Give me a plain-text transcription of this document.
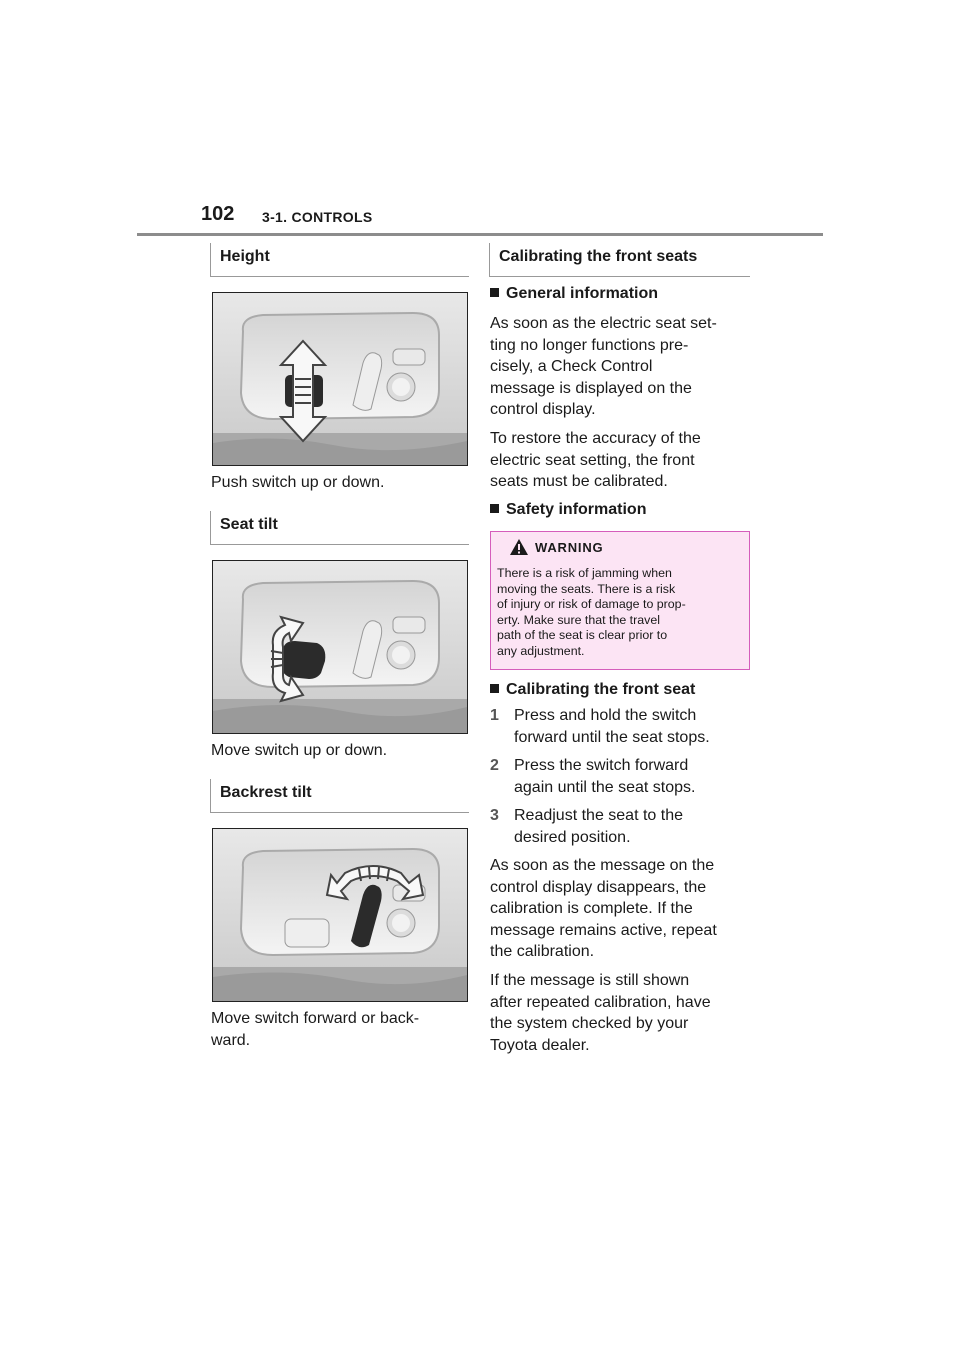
102 3-1. CONTROLS
Height

Push switch up or down.

Seat tilt

Move switch up or down.

Backrest tilt

Move switch forward or back-
ward.

Calibrating the front seats
General information

As soon as the electric seat set-
ting no longer functions pre-
cisely, a Check Control
message is displayed on the
control display.

To restore the accuracy of the
electric seat setting, the front
seats must be calibrated.

Safety information
WARNING

There is a risk of jamming when
moving the seats. There is a risk
of injury or risk of damage to prop-
erty. Make sure that the travel
path of the seat is clear prior to
any adjustment.

Calibrating the front seat
1 Press and hold the switch
forward until the seat stops.

2 Press the switch forward
again until the seat stops.

3 Readjust the seat to the
desired position.

As soon as the message on the
control display disappears, the
calibration is complete. If the
message remains active, repeat
the calibration.

If the message is still shown
after repeated calibration, have
the system checked by your
Toyota dealer.
